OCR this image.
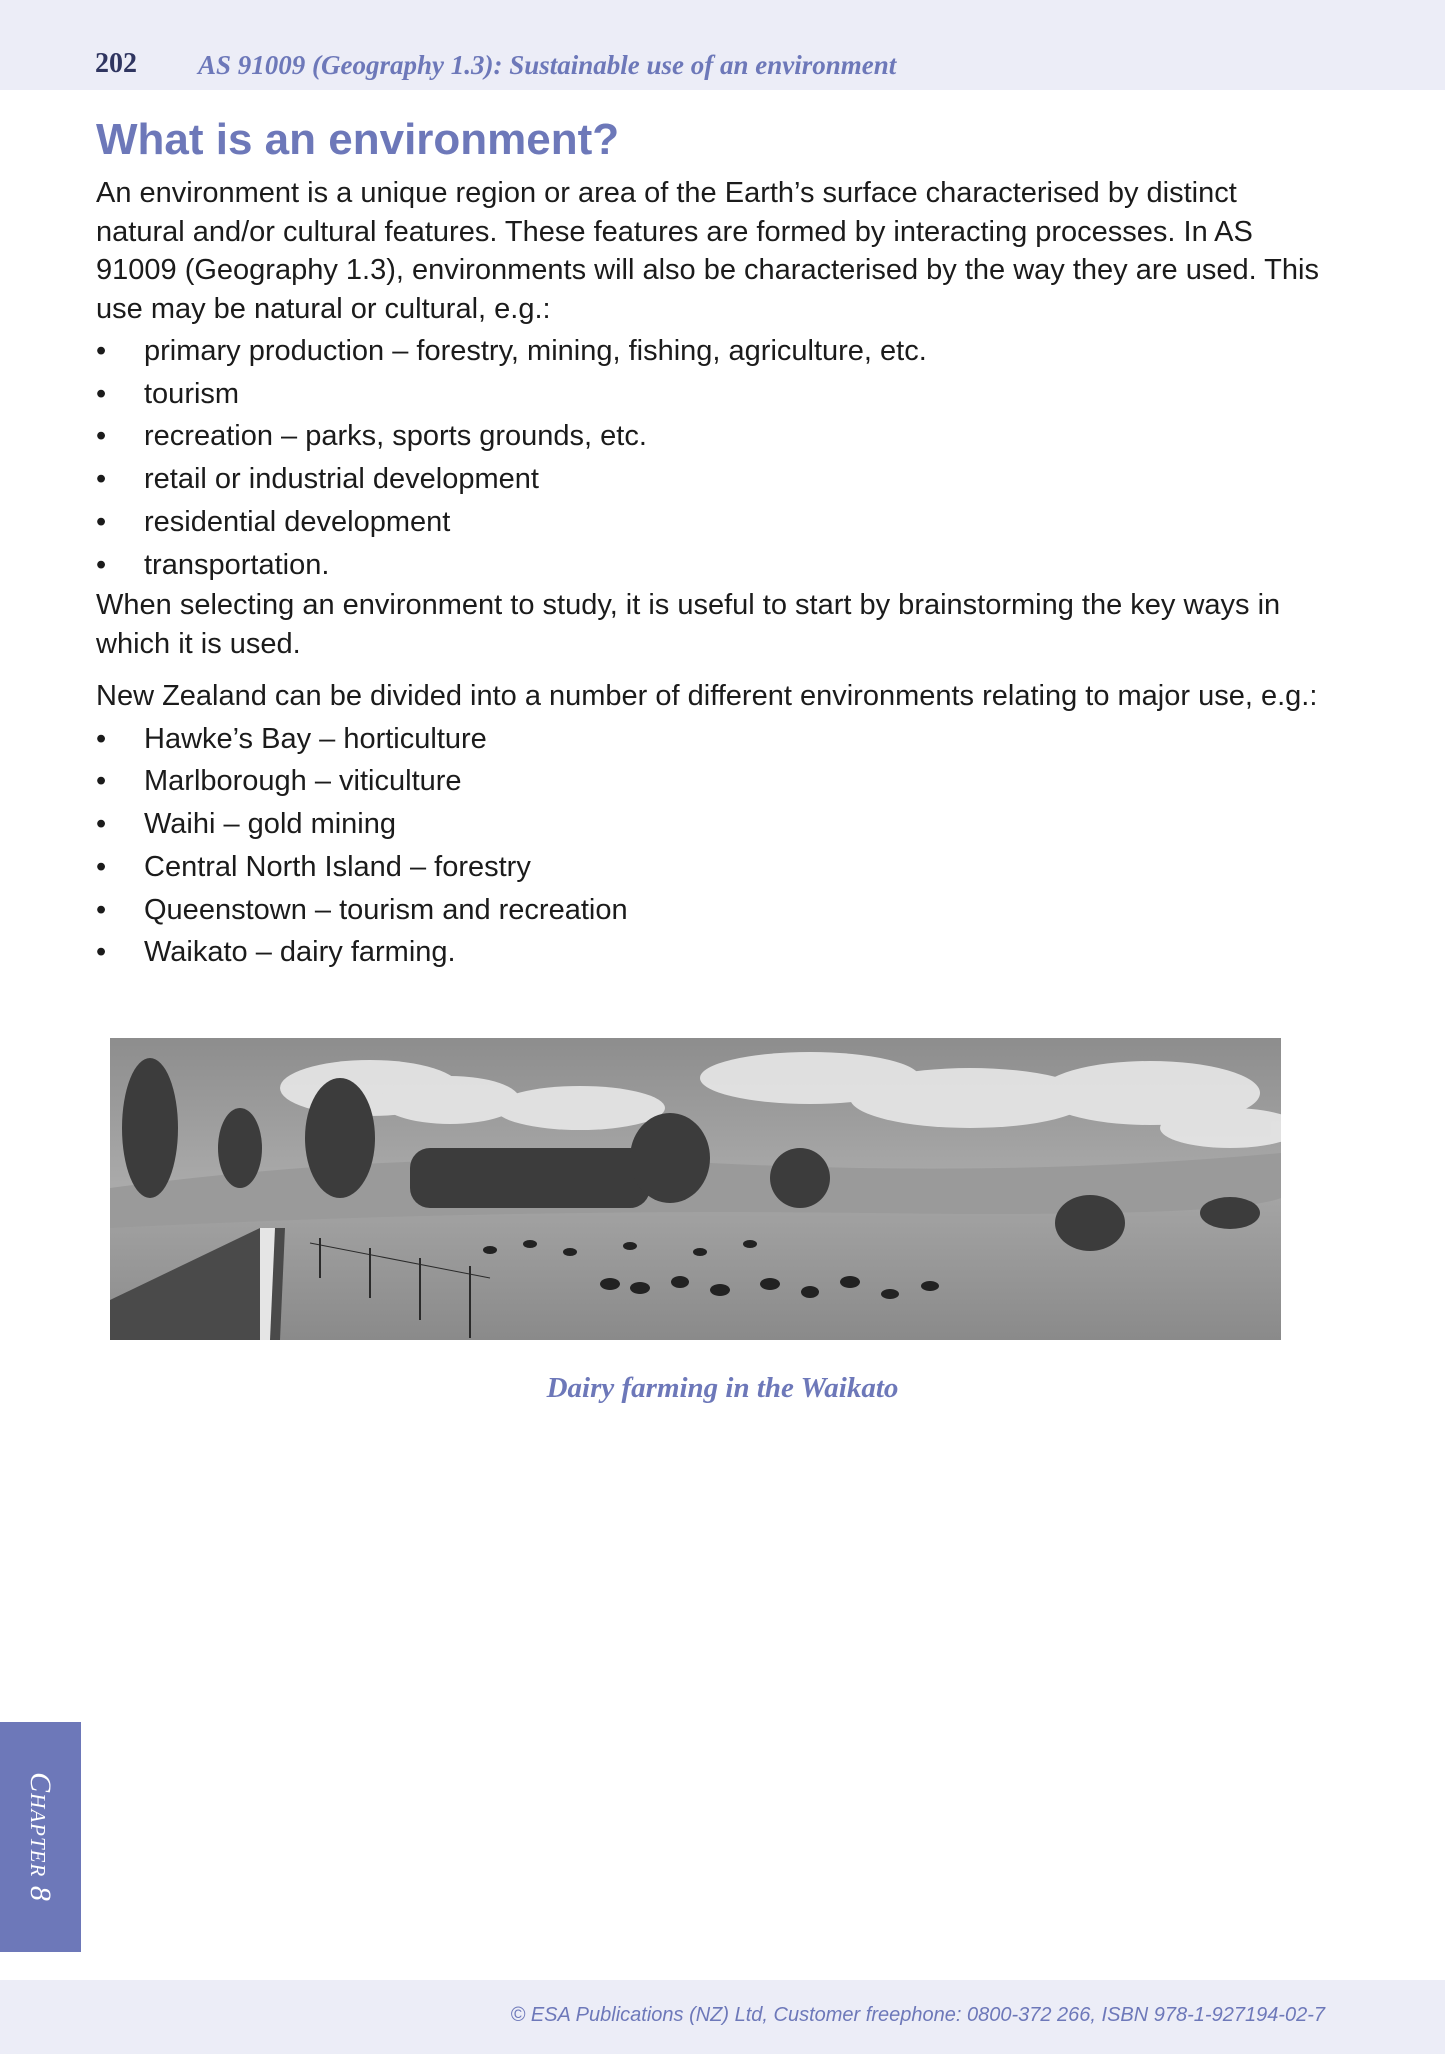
202 AS 91009 (Geography 1.3): Sustainable use of an environment
What is an environment?

An environment is a unique region or area of the Earth’s surface characterised by distinct natural and/or cultural features. These features are formed by interacting processes. In AS 91009 (Geography 1.3), environments will also be characterised by the way they are used. This use may be natural or cultural, e.g.:

• primary production – forestry, mining, fishing, agriculture, etc.
• tourism
• recreation – parks, sports grounds, etc.
• retail or industrial development
• residential development
• transportation.

When selecting an environment to study, it is useful to start by brainstorming the key ways in which it is used.

New Zealand can be divided into a number of different environments relating to major use, e.g.:

• Hawke’s Bay – horticulture
• Marlborough – viticulture
• Waihi – gold mining
• Central North Island – forestry
• Queenstown – tourism and recreation
• Waikato – dairy farming.
Dairy farming in the Waikato
Chapter 8
© ESA Publications (NZ) Ltd, Customer freephone: 0800-372 266, ISBN 978-1-927194-02-7
